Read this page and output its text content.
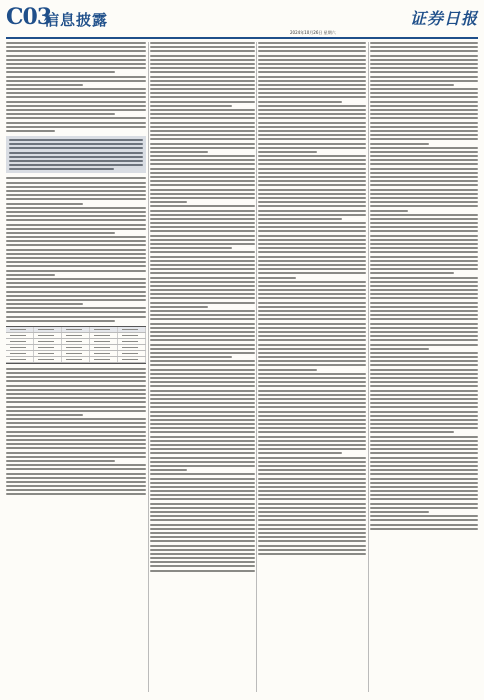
C03
信息披露
2024年10月26日 星期六
证券日报
